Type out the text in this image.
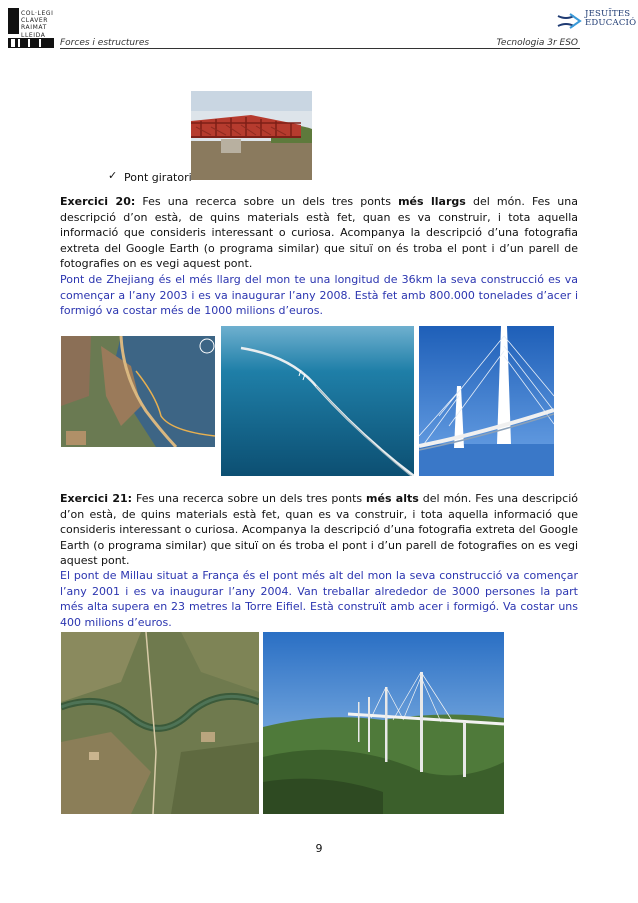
COL·LEGI
CLAVER
RAIMAT
LLEIDA
Forces i estructures	Tecnologia 3r ESO
JESUÏTES
EDUCACIÓ
✓ Pont giratori
Exercici 20: Fes una recerca sobre un dels tres ponts més llargs del món. Fes una descripció d’on està, de quins materials està fet, quan es va construir, i tota aquella informació que consideris interessant o curiosa. Acompanya la descripció d’una fotografia extreta del Google Earth (o programa similar) que situï on és troba el pont i d’un parell de fotografies on es vegi aquest pont.
Pont de Zhejiang és el més llarg del mon te una longitud de 36km la seva construcció es va començar a l’any 2003 i es va inaugurar l’any 2008. Està fet amb 800.000 tonelades d’acer i formigó va costar més de 1000 milions d’euros.
Exercici 21: Fes una recerca sobre un dels tres ponts més alts del món. Fes una descripció d’on està, de quins materials està fet, quan es va construir, i tota aquella informació que consideris interessant o curiosa. Acompanya la descripció d’una fotografia extreta del Google Earth (o programa similar) que situï on és troba el pont i d’un parell de fotografies on es vegi aquest pont.
El pont de Millau situat a França és el pont més alt del mon la seva construcció va començar l’any 2001 i es va inaugurar l’any 2004. Van treballar alrededor de 3000 persones la part més alta supera en 23 metres la Torre Eifiel. Està construït amb acer i formigó. Va costar uns 400 milions d’euros.
9
